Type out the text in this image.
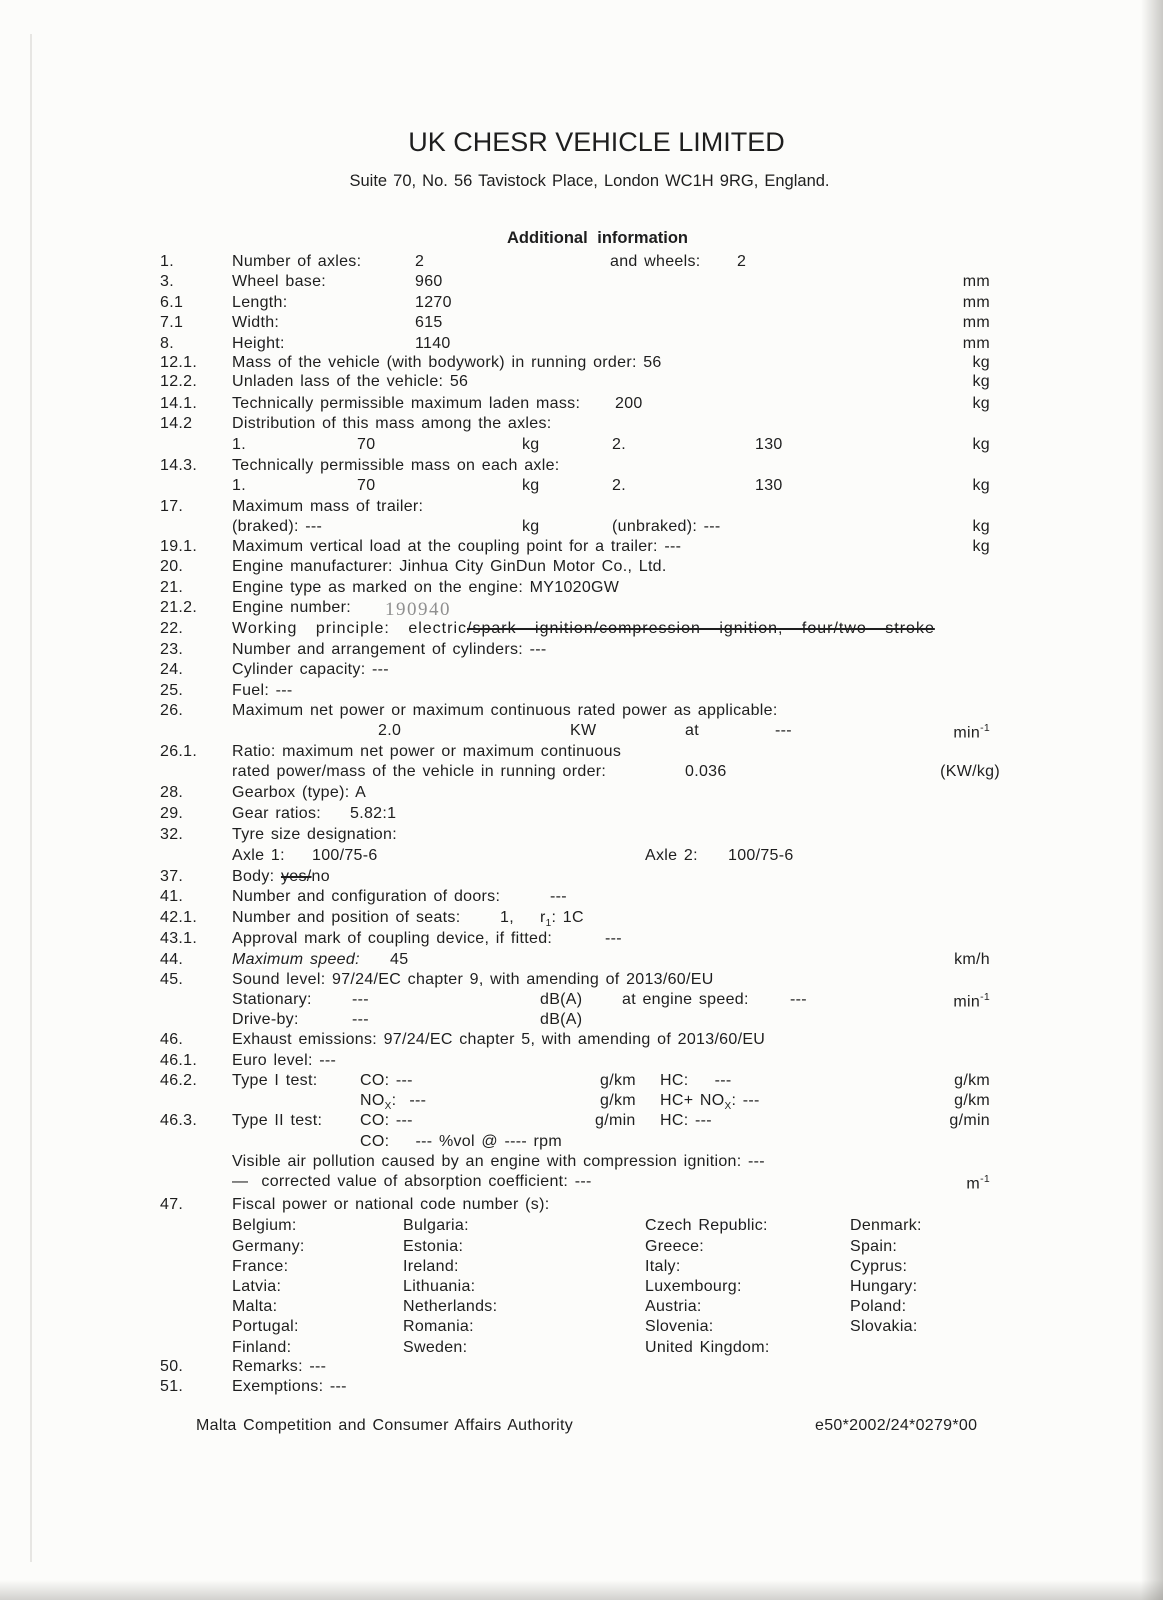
UK CHESR VEHICLE LIMITED
Suite 70, No. 56 Tavistock Place, London WC1H 9RG, England.
Additional information
1.	Number of axles:	2	and wheels: 2
3.	Wheel base:	960	mm
6.1	Length:	1270	mm
7.1	Width:	615	mm
8.	Height:	1140	mm
12.1. Mass of the vehicle (with bodywork) in running order: 56	kg
12.2. Unladen lass of the vehicle: 56	kg
14.1. Technically permissible maximum laden mass: 200	kg
14.2 Distribution of this mass among the axles:
1.	70	kg	2.	130	kg
14.3. Technically permissible mass on each axle:
1.	70	kg	2.	130	kg
17.	Maximum mass of trailer:
(braked): ---	kg	(unbraked): ---	kg
19.1. Maximum vertical load at the coupling point for a trailer: ---	kg
20.	Engine manufacturer: Jinhua City GinDun Motor Co., Ltd.
21.	Engine type as marked on the engine: MY1020GW
21.2. Engine number: 190940
22.	Working principle: electric/spark ignition/compression ignition, four/two stroke
23.	Number and arrangement of cylinders: ---
24.	Cylinder capacity: ---
25.	Fuel: ---
26.	Maximum net power or maximum continuous rated power as applicable:
2.0	KW	at	---	$\min^{-1}$
26.1. Ratio: maximum net power or maximum continuous
rated power/mass of the vehicle in running order:	0.036	(KW/kg)
28.	Gearbox (type): A
29.	Gear ratios: 5.82:1
32.	Tyre size designation:
Axle 1: 100/75-6	Axle 2: 100/75-6
37.	Body: yes/no
41.	Number and configuration of doors:	---
42.1. Number and position of seats: 1, $r_1$: 1C
43.1. Approval mark of coupling device, if fitted:	---
44.	Maximum speed: 45	km/h
45.	Sound level: 97/24/EC chapter 9, with amending of 2013/60/EU
Stationary:	---	dB(A) at engine speed:	---	$\min^{-1}$
Drive-by:	---	dB(A)
46.	Exhaust emissions: 97/24/EC chapter 5, with amending of 2013/60/EU
46.1. Euro level: ---
46.2. Type I test:	CO: ---	g/km HC:    ---	g/km
$NO_X$:  ---	g/km $HC+ NO_X$: ---	g/km
46.3. Type II test: CO: ---	g/min HC: ---	g/min
CO:    --- %vol @ ---- rpm
Visible air pollution caused by an engine with compression ignition: ---
—  corrected value of absorption coefficient: ---	$m^{-1}$
47.	Fiscal power or national code number (s):
Belgium:	Bulgaria:	Czech Republic:	Denmark:
Germany:	Estonia:	Greece:	Spain:
France:	Ireland:	Italy:	Cyprus:
Latvia:	Lithuania:	Luxembourg:	Hungary:
Malta:	Netherlands:	Austria:	Poland:
Portugal:	Romania:	Slovenia:	Slovakia:
Finland:	Sweden:	United Kingdom:
50.	Remarks: ---
51.	Exemptions: ---
Malta Competition and Consumer Affairs Authority	e50*2002/24*0279*00
